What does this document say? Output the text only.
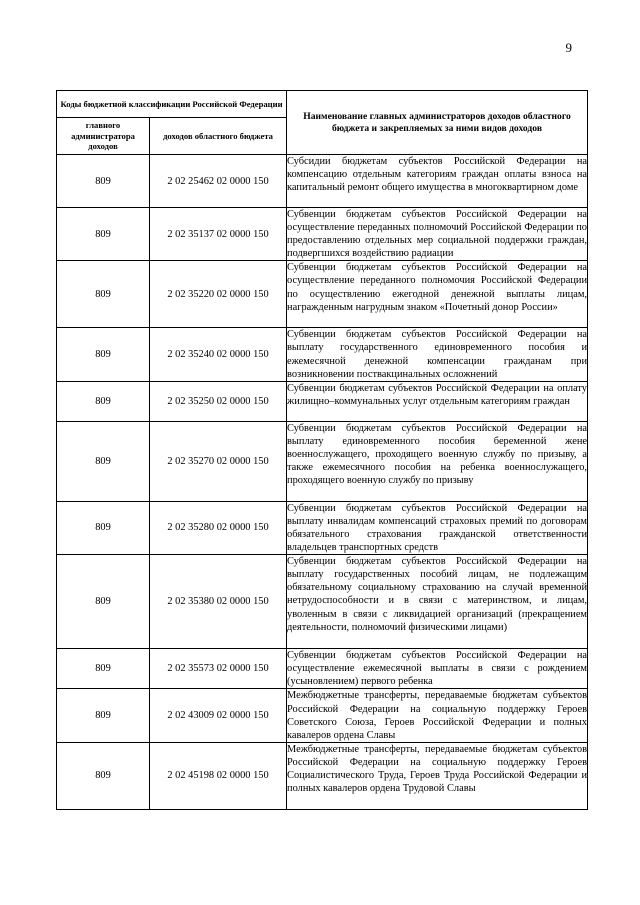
9
Коды бюджетной классификации Российской Федерации		Наименование главных администраторов доходов областного бюджета и закрепляемых за ними видов доходов
главного администратора доходов	доходов областного бюджета	
809	2 02 25462 02 0000 150	Субсидии бюджетам субъектов Российской Федерации на компенсацию отдельным категориям граждан оплаты взноса на капитальный ремонт общего имущества в многоквартирном доме
809	2 02 35137 02 0000 150	Субвенции бюджетам субъектов Российской Федерации на осуществление переданных полномочий Российской Федерации по предоставлению отдельных мер социальной поддержки граждан, подвергшихся воздействию радиации
809	2 02 35220 02 0000 150	Субвенции бюджетам субъектов Российской Федерации на осуществление переданного полномочия Российской Федерации по осуществлению ежегодной денежной выплаты лицам, награжденным нагрудным знаком «Почетный донор России»
809	2 02 35240 02 0000 150	Субвенции бюджетам субъектов Российской Федерации на выплату государственного единовременного пособия и ежемесячной денежной компенсации гражданам при возникновении поствакцинальных осложнений
809	2 02 35250 02 0000 150	Субвенции бюджетам субъектов Российской Федерации на оплату жилищно–коммунальных услуг отдельным категориям граждан
809	2 02 35270 02 0000 150	Субвенции бюджетам субъектов Российской Федерации на выплату единовременного пособия беременной жене военнослужащего, проходящего военную службу по призыву, а также ежемесячного пособия на ребенка военнослужащего, проходящего военную службу по призыву
809	2 02 35280 02 0000 150	Субвенции бюджетам субъектов Российской Федерации на выплату инвалидам компенсаций страховых премий по договорам обязательного страхования гражданской ответственности владельцев транспортных средств
809	2 02 35380 02 0000 150	Субвенции бюджетам субъектов Российской Федерации на выплату государственных пособий лицам, не подлежащим обязательному социальному страхованию на случай временной нетрудоспособности и в связи с материнством, и лицам, уволенным в связи с ликвидацией организаций (прекращением деятельности, полномочий физическими лицами)
809	2 02 35573 02 0000 150	Субвенции бюджетам субъектов Российской Федерации на осуществление ежемесячной выплаты в связи с рождением (усыновлением) первого ребенка
809	2 02 43009 02 0000 150	Межбюджетные трансферты, передаваемые бюджетам субъектов Российской Федерации на социальную поддержку Героев Советского Союза, Героев Российской Федерации и полных кавалеров ордена Славы
809	2 02 45198 02 0000 150	Межбюджетные трансферты, передаваемые бюджетам субъектов Российской Федерации на социальную поддержку Героев Социалистического Труда, Героев Труда Российской Федерации и полных кавалеров ордена Трудовой Славы
